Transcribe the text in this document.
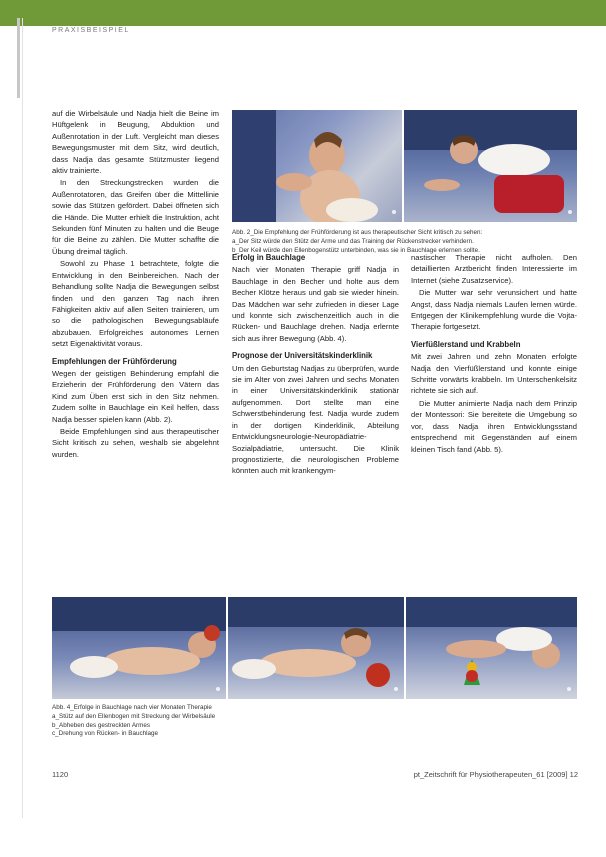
PRAXISBEISPIEL

auf die Wirbelsäule und Nadja hielt die Beine im Hüftgelenk in Beugung, Abduktion und Außenrotation in der Luft. Vergleicht man dieses Bewegungsmuster mit dem Sitz, wird deutlich, dass Nadja das gesamte Stützmuster liegend aktiv trainierte.

In den Streckungstrecken wurden die Außenrotatoren, das Greifen über die Mittellinie sowie das Stützen gefördert. Dabei öffneten sich die Hände. Die Mutter erhielt die Instruktion, acht Sekunden fünf Minuten zu halten und die Beuge für die Beine zu zählen. Die Mutter schaffte die Übung dreimal täglich.

Sowohl zu Phase 1 betrachtete, folgte die Entwicklung in den Beinbereichen. Nach der Behandlung sollte Nadja die Bewegungen selbst finden und den ganzen Tag nach ihren Fähigkeiten aktiv auf allen Seiten trainieren, um so die pathologischen Bewegungsabläufe abzubauen. Erfolgreiches autonomes Lernen setzt Eigenaktivität voraus.

Empfehlungen der Frühförderung

Wegen der geistigen Behinderung empfahl die Erzieherin der Frühförderung den Vätern das Kind zum Üben erst sich in den Sitz nehmen. Zudem sollte in Bauchlage ein Keil helfen, dass Nadja besser spielen kann (Abb. 2).

Beide Empfehlungen sind aus therapeutischer Sicht kritisch zu sehen, weshalb sie abgelehnt wurden.

Abb. 2_Die Empfehlung der Frühförderung ist aus therapeutischer Sicht kritisch zu sehen:
a_Der Sitz würde den Stütz der Arme und das Training der Rückenstrecker verhindern.
b_Der Keil würde den Ellenbogenstütz unterbinden, was sie in Bauchlage erlernen sollte.
Erfolg in Bauchlage

Nach vier Monaten Therapie griff Nadja in Bauchlage in den Becher und holte aus dem Becher Klötze heraus und gab sie wieder hinein. Das Mädchen war sehr zufrieden in dieser Lage und konnte sich zwischenzeitlich auch in die Rücken- und Bauchlage drehen. Nadja erlernte sich aus ihrer Bewegung (Abb. 4).

Prognose der Universitätskinderklinik

Um den Geburtstag Nadjas zu überprüfen, wurde sie im Alter von zwei Jahren und sechs Monaten in einer Universitätskinderklinik stationär aufgenommen. Dort stellte man eine Schwerstbehinderung fest. Nadja wurde zudem in der dortigen Kinderklinik, Abteilung Entwicklungsneurologie-Neuropädiatrie-Sozialpädiatrie, untersucht. Die Klinik prognostizierte, die neurologischen Probleme könnten auch mit krankengym-

nastischer Therapie nicht aufholen. Den detaillierten Arztbericht finden Interessierte im Internet (siehe Zusatzservice).

Die Mutter war sehr verunsichert und hatte Angst, dass Nadja niemals Laufen lernen würde. Entgegen der Klinikempfehlung wurde die Vojta-Therapie fortgesetzt.

Vierfüßlerstand und Krabbeln

Mit zwei Jahren und zehn Monaten erfolgte Nadja den Vierfüßlerstand und konnte einige Schritte vorwärts krabbeln. Im Unterschenkelsitz richtete sie sich auf.

Die Mutter animierte Nadja nach dem Prinzip der Montessori: Sie bereitete die Umgebung so vor, dass Nadja ihren Entwicklungsstand entsprechend mit Gegenständen auf einem kleinen Tisch fand (Abb. 5).

Abb. 4_Erfolge in Bauchlage nach vier Monaten Therapie
a_Stütz auf den Ellenbogen mit Streckung der Wirbelsäule
b_Abheben des gestreckten Armes
c_Drehung von Rücken- in Bauchlage
1120	pt_Zeitschrift für Physiotherapeuten_61 [2009] 12
